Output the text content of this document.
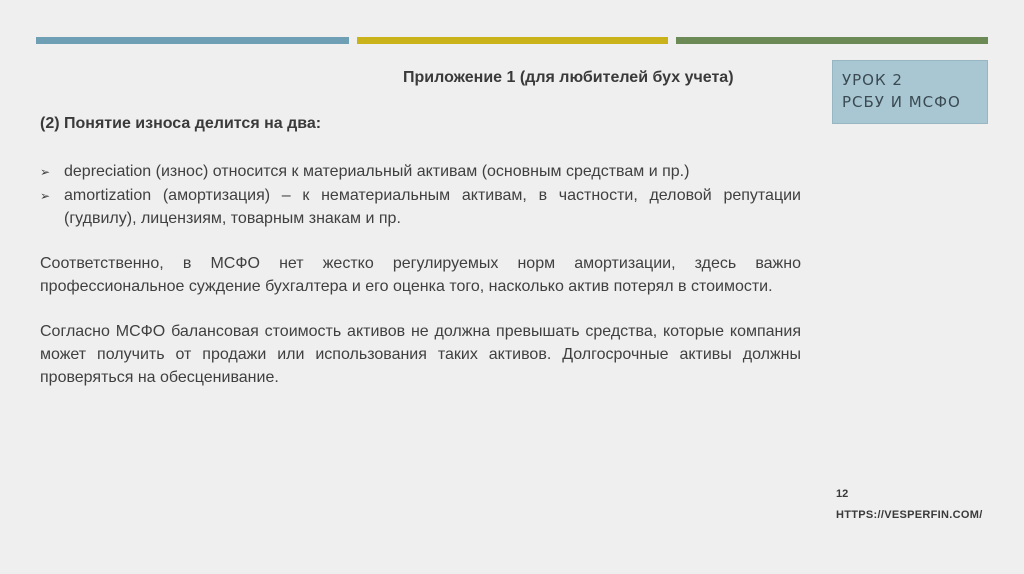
УРОК 2
РСБУ И МСФО
Приложение 1 (для любителей бух учета)
(2) Понятие износа делится на два:
➢ depreciation (износ) относится к материальный активам (основным средствам и пр.)
➢ amortization (амортизация) – к нематериальным активам, в частности, деловой репутации (гудвилу), лицензиям, товарным знакам и пр.
Соответственно, в МСФО нет жестко регулируемых норм амортизации, здесь важно профессиональное суждение бухгалтера и его оценка того, насколько актив потерял в стоимости.
Согласно МСФО балансовая стоимость активов не должна превышать средства, которые компания может получить от продажи или использования таких активов. Долгосрочные активы должны проверяться на обесценивание.
12
HTTPS://VESPERFIN.COM/
